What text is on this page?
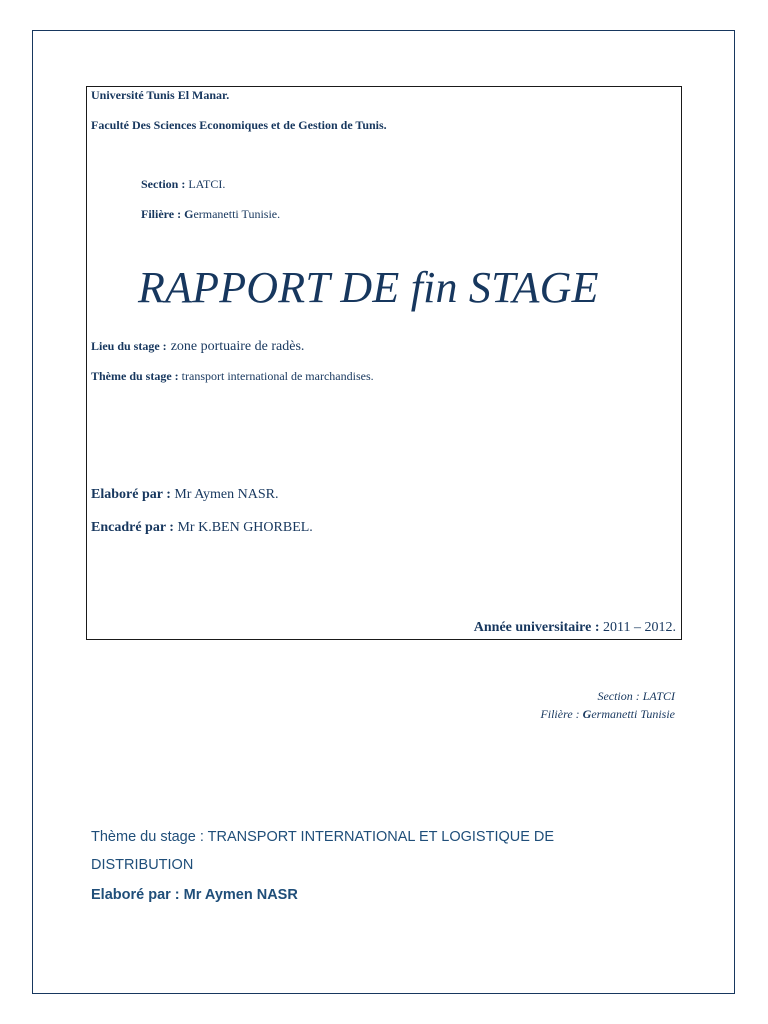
Université Tunis El Manar.
Faculté Des Sciences Economiques et de Gestion de Tunis.
Section : LATCI.
Filière : Germanetti Tunisie.
RAPPORT DE fin STAGE
Lieu du stage : zone portuaire de radès.
Thème du stage : transport international de marchandises.
Elaboré par : Mr Aymen NASR.
Encadré par : Mr K.BEN GHORBEL.
Année universitaire : 2011 – 2012.
Section : LATCI
Filière : Germanetti Tunisie
Thème du stage : TRANSPORT INTERNATIONAL ET LOGISTIQUE DE
DISTRIBUTION
Elaboré par : Mr Aymen NASR
